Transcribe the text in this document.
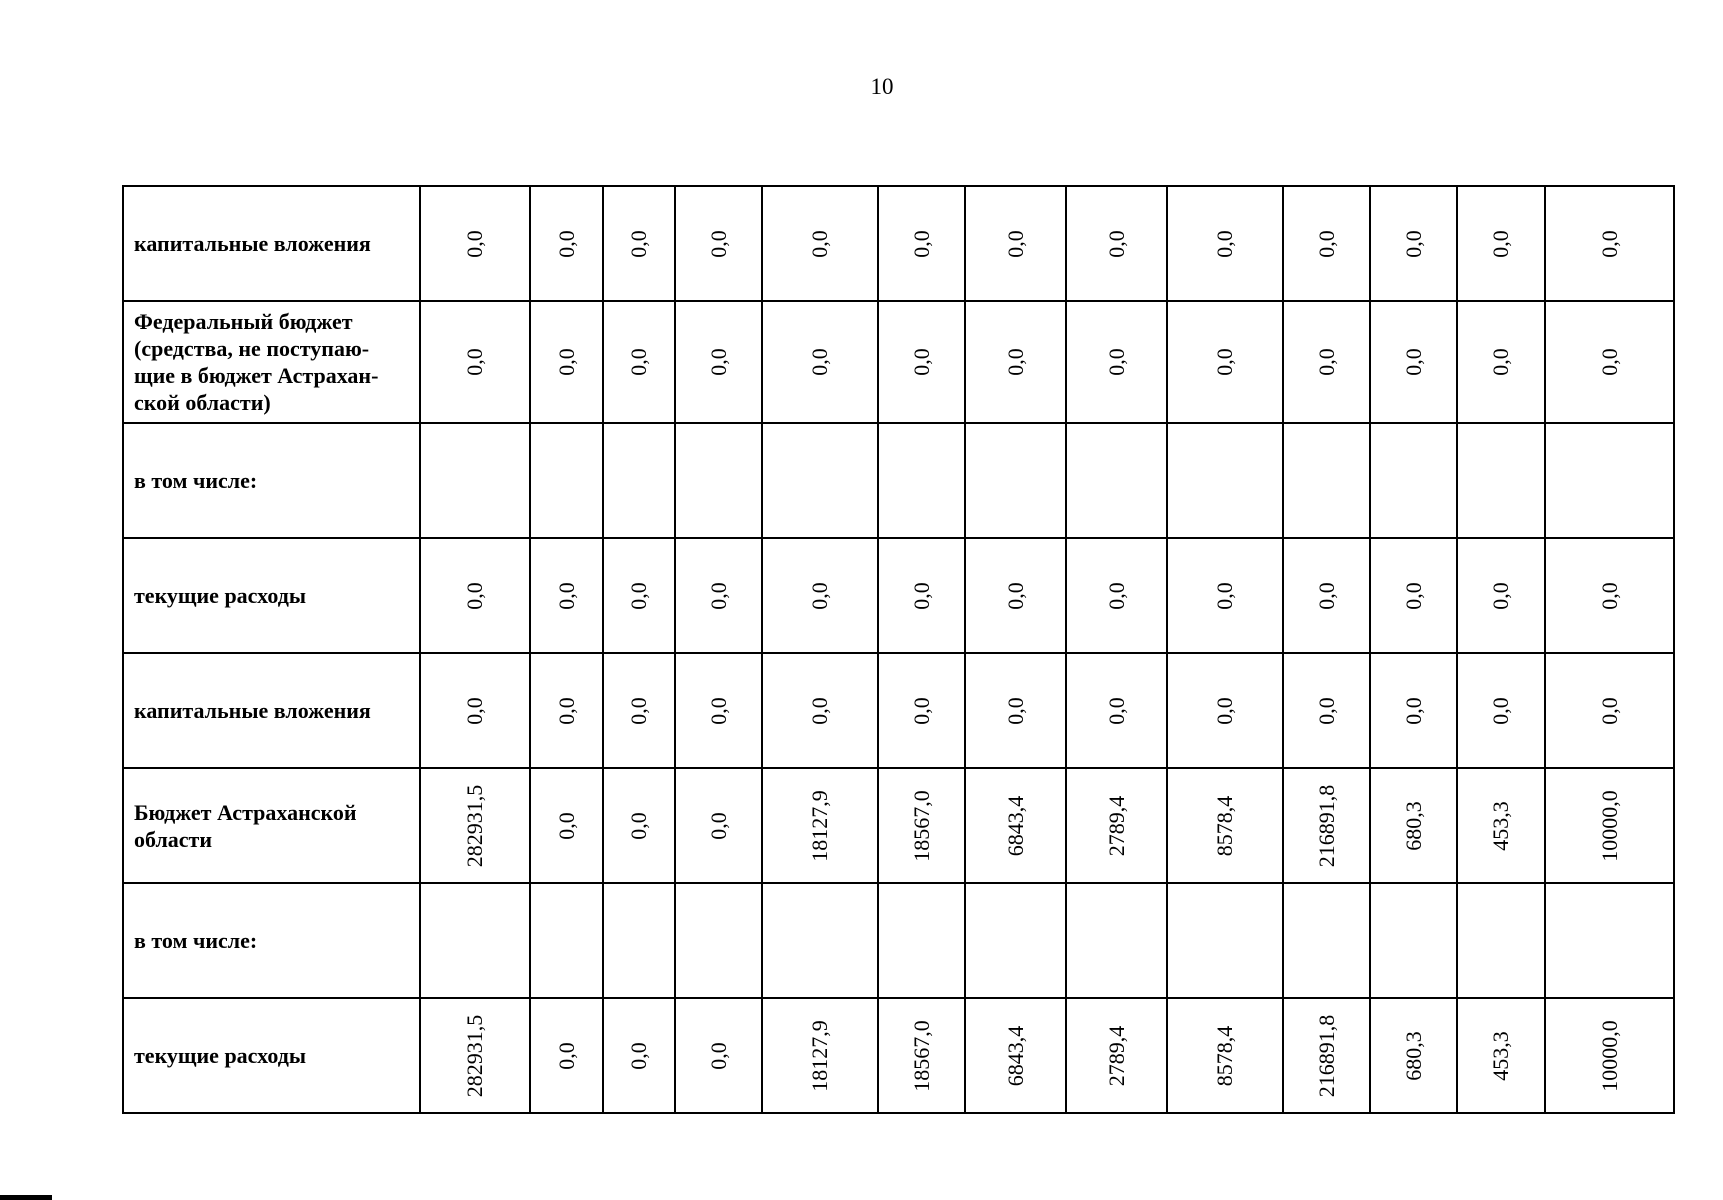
10
капитальные вложения	0,0	0,0	0,0	0,0	0,0	0,0	0,0	0,0	0,0	0,0	0,0	0,0	0,0

Федеральный бюджет
(средства, не поступаю-
щие в бюджет Астрахан-
ской области)	0,0	0,0	0,0	0,0	0,0	0,0	0,0	0,0	0,0	0,0	0,0	0,0	0,0

в том числе:	

текущие расходы	0,0	0,0	0,0	0,0	0,0	0,0	0,0	0,0	0,0	0,0	0,0	0,0	0,0

капитальные вложения	0,0	0,0	0,0	0,0	0,0	0,0	0,0	0,0	0,0	0,0	0,0	0,0	0,0

Бюджет Астраханской
области	282931,5	0,0	0,0	0,0	18127,9	18567,0	6843,4	2789,4	8578,4	216891,8	680,3	453,3	10000,0

в том числе:	

текущие расходы	282931,5	0,0	0,0	0,0	18127,9	18567,0	6843,4	2789,4	8578,4	216891,8	680,3	453,3	10000,0
